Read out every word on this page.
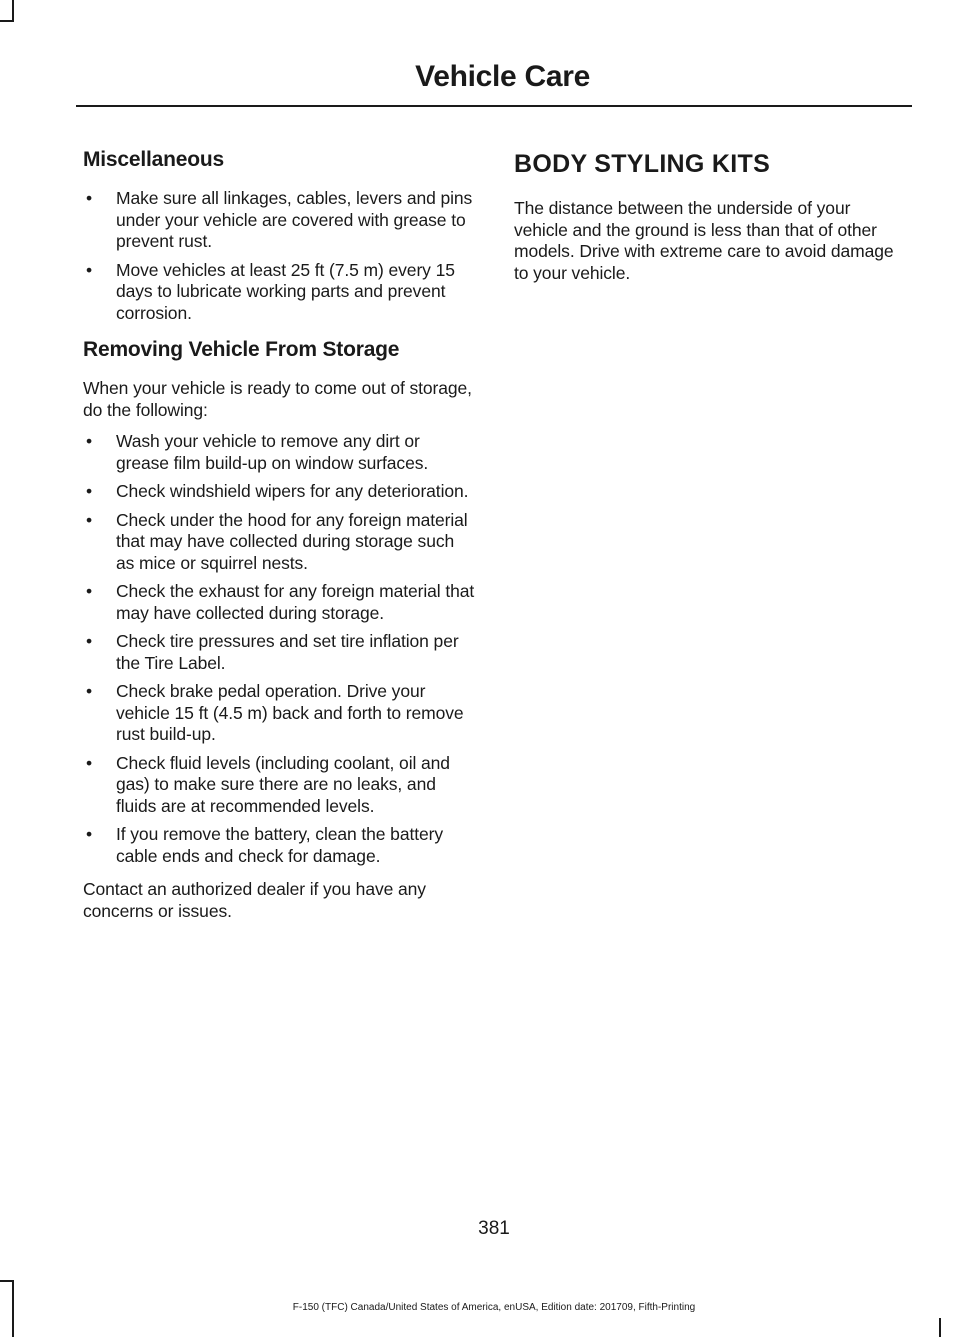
Vehicle Care
Miscellaneous
• Make sure all linkages, cables, levers and pins under your vehicle are covered with grease to prevent rust.
• Move vehicles at least 25 ft (7.5 m) every 15 days to lubricate working parts and prevent corrosion.
Removing Vehicle From Storage

When your vehicle is ready to come out of storage, do the following:

• Wash your vehicle to remove any dirt or grease film build-up on window surfaces.
• Check windshield wipers for any deterioration.
• Check under the hood for any foreign material that may have collected during storage such as mice or squirrel nests.
• Check the exhaust for any foreign material that may have collected during storage.
• Check tire pressures and set tire inflation per the Tire Label.
• Check brake pedal operation. Drive your vehicle 15 ft (4.5 m) back and forth to remove rust build-up.
• Check fluid levels (including coolant, oil and gas) to make sure there are no leaks, and fluids are at recommended levels.
• If you remove the battery, clean the battery cable ends and check for damage.

Contact an authorized dealer if you have any concerns or issues.

BODY STYLING KITS

The distance between the underside of your vehicle and the ground is less than that of other models. Drive with extreme care to avoid damage to your vehicle.

381
F-150 (TFC) Canada/United States of America, enUSA, Edition date: 201709, Fifth-Printing
